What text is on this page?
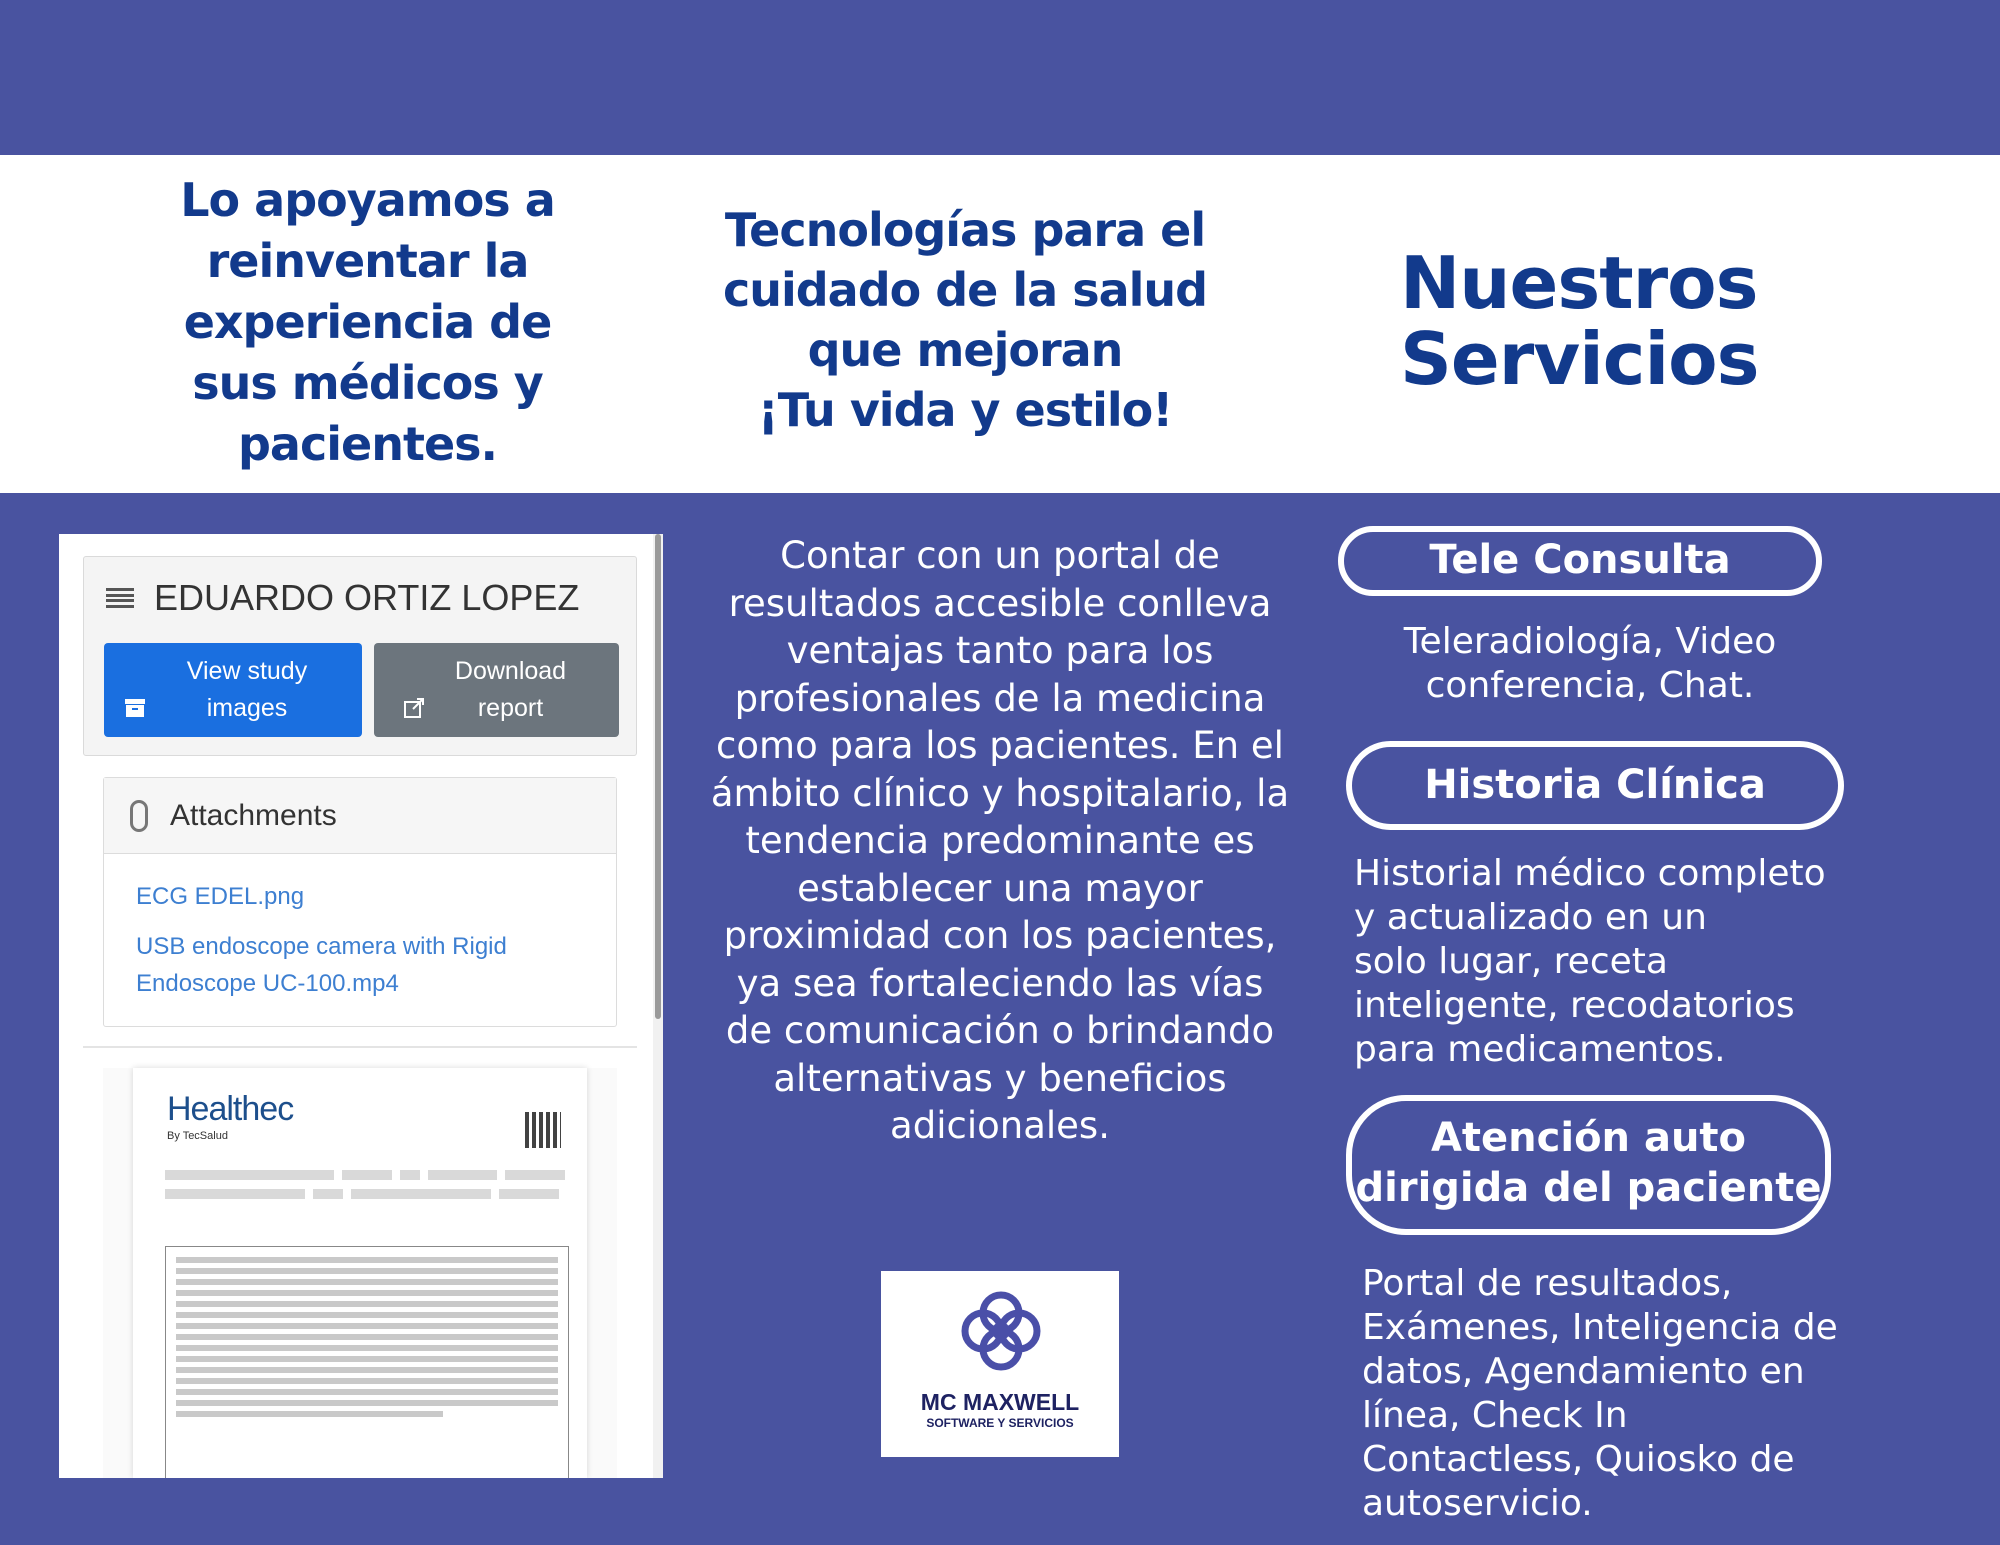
Lo apoyamos a
reinventar la
experiencia de
sus médicos y
pacientes.
Tecnologías para el
cuidado de la salud
que mejoran
¡Tu vida y estilo!
Nuestros
Servicios
EDUARDO ORTIZ LOPEZ
View study images
Download report
Attachments
ECG EDEL.png
USB endoscope camera with Rigid Endoscope UC-100.mp4
Healthec
By TecSalud
Contar con un portal de resultados accesible conlleva ventajas tanto para los profesionales de la medicina como para los pacientes. En el ámbito clínico y hospitalario, la tendencia predominante es establecer una mayor proximidad con los pacientes, ya sea fortaleciendo las vías de comunicación o brindando alternativas y beneficios adicionales.
MC MAXWELL
SOFTWARE Y SERVICIOS
Tele Consulta
Teleradiología, Video
conferencia, Chat.
Historia Clínica
Historial médico completo
y actualizado en un
solo lugar, receta
inteligente, recodatorios
para medicamentos.
Atención auto
dirigida del paciente
Portal de resultados,
Exámenes, Inteligencia de
datos, Agendamiento en
línea, Check In
Contactless, Quiosko de
autoservicio.
